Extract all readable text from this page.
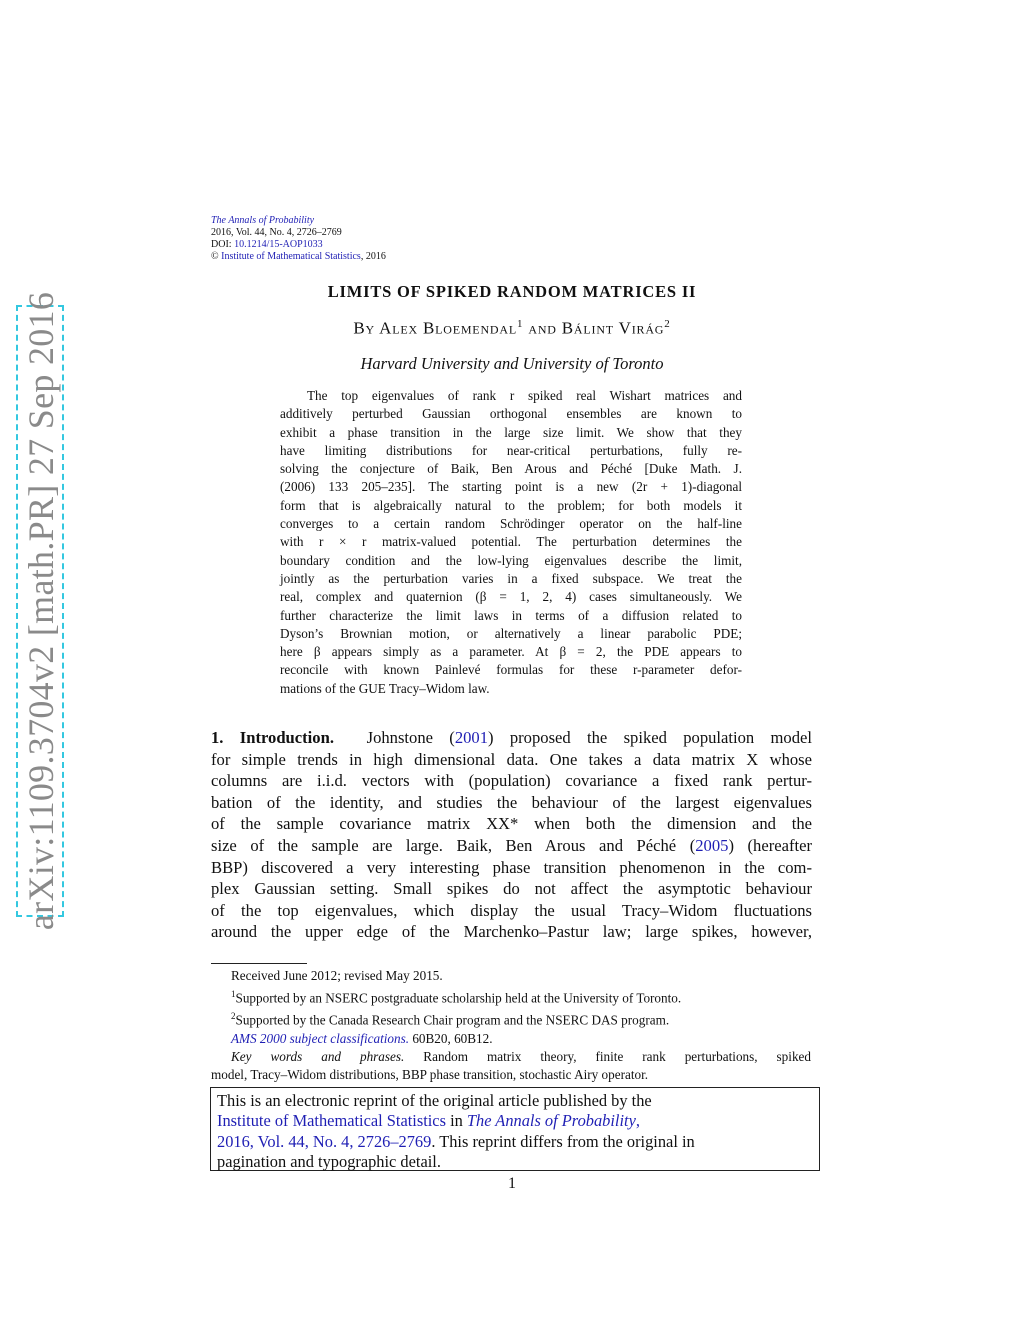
arXiv:1109.3704v2 [math.PR] 27 Sep 2016
The Annals of Probability
2016, Vol. 44, No. 4, 2726–2769
DOI: 10.1214/15-AOP1033
© Institute of Mathematical Statistics, 2016
LIMITS OF SPIKED RANDOM MATRICES II
By Alex Bloemendal$^1$ and Bálint Virág$^2$
Harvard University and University of Toronto
The top eigenvalues of rank r spiked real Wishart matrices and
additively perturbed Gaussian orthogonal ensembles are known to
exhibit a phase transition in the large size limit. We show that they
have limiting distributions for near-critical perturbations, fully re-
solving the conjecture of Baik, Ben Arous and Péché [Duke Math. J.
(2006) 133 205–235]. The starting point is a new (2r + 1)-diagonal
form that is algebraically natural to the problem; for both models it
converges to a certain random Schrödinger operator on the half-line
with r × r matrix-valued potential. The perturbation determines the
boundary condition and the low-lying eigenvalues describe the limit,
jointly as the perturbation varies in a fixed subspace. We treat the
real, complex and quaternion (β = 1, 2, 4) cases simultaneously. We
further characterize the limit laws in terms of a diffusion related to
Dyson’s Brownian motion, or alternatively a linear parabolic PDE;
here β appears simply as a parameter. At β = 2, the PDE appears to
reconcile with known Painlevé formulas for these r-parameter defor-
mations of the GUE Tracy–Widom law.
1. Introduction. Johnstone (2001) proposed the spiked population model
for simple trends in high dimensional data. One takes a data matrix X whose
columns are i.i.d. vectors with (population) covariance a fixed rank pertur-
bation of the identity, and studies the behaviour of the largest eigenvalues
of the sample covariance matrix XX* when both the dimension and the
size of the sample are large. Baik, Ben Arous and Péché (2005) (hereafter
BBP) discovered a very interesting phase transition phenomenon in the com-
plex Gaussian setting. Small spikes do not affect the asymptotic behaviour
of the top eigenvalues, which display the usual Tracy–Widom fluctuations
around the upper edge of the Marchenko–Pastur law; large spikes, however,
Received June 2012; revised May 2015.
$^1$Supported by an NSERC postgraduate scholarship held at the University of Toronto.
$^2$Supported by the Canada Research Chair program and the NSERC DAS program.
AMS 2000 subject classifications. 60B20, 60B12.
Key words and phrases. Random matrix theory, finite rank perturbations, spiked
model, Tracy–Widom distributions, BBP phase transition, stochastic Airy operator.
This is an electronic reprint of the original article published by the
Institute of Mathematical Statistics in The Annals of Probability,
2016, Vol. 44, No. 4, 2726–2769. This reprint differs from the original in
pagination and typographic detail.
1
